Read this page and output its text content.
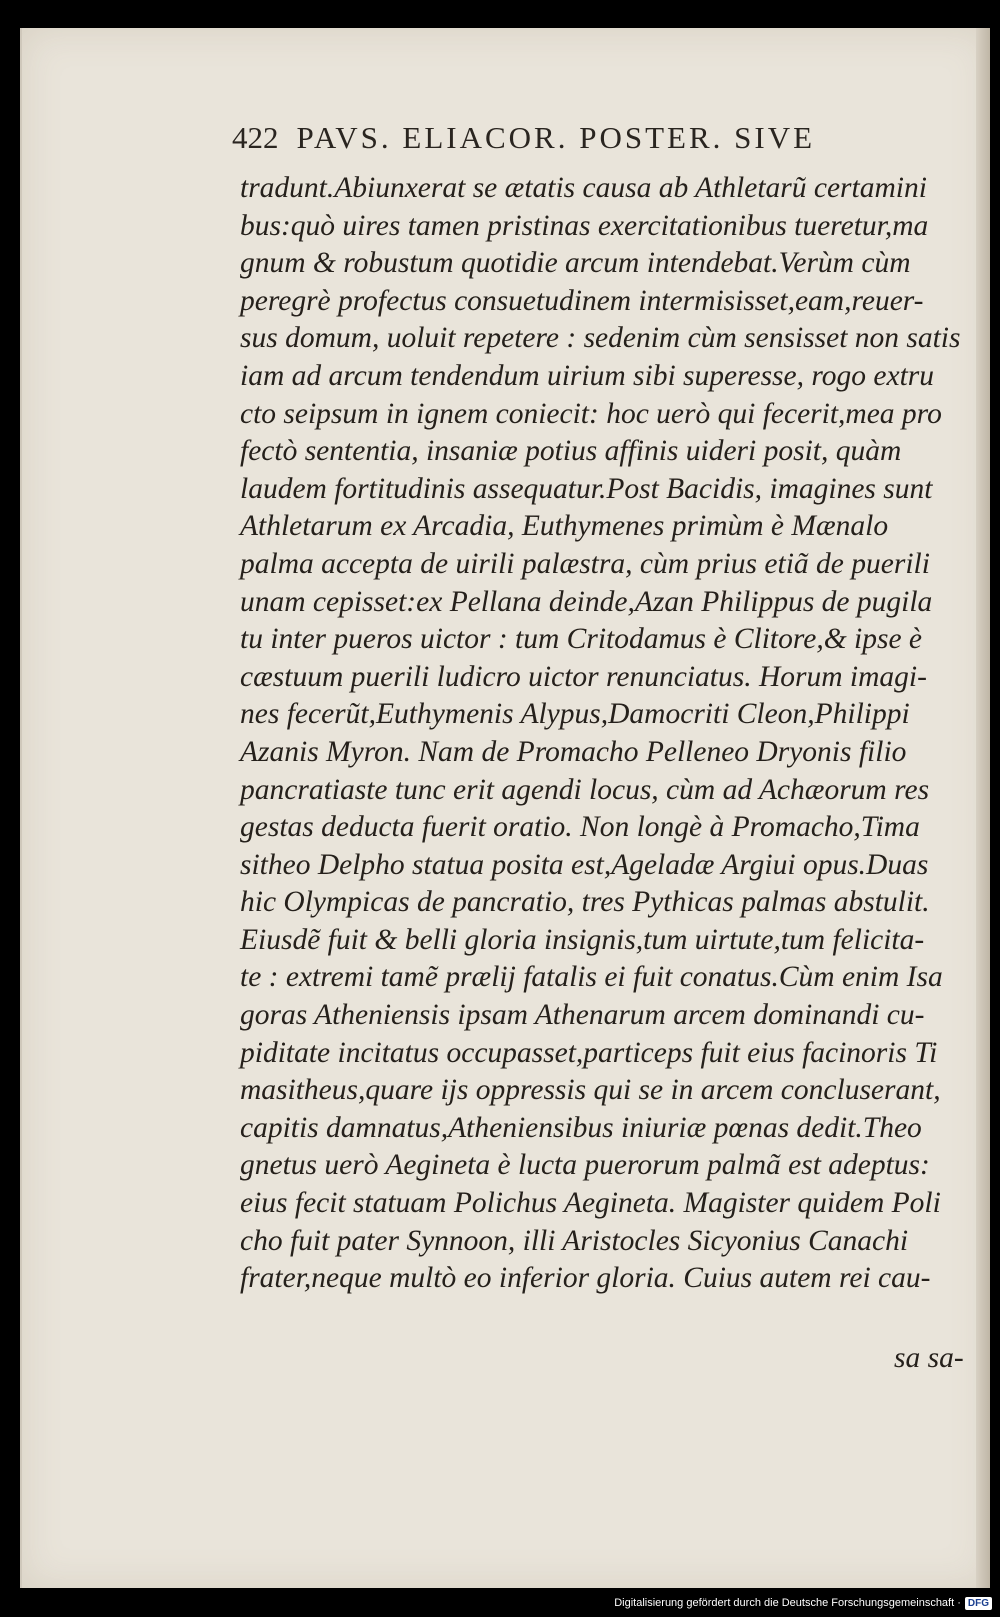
422 PAVS. ELIACOR. POSTER. SIVE
tradunt.Abiunxerat se ætatis causa ab Athletarũ certamini
bus:quò uires tamen pristinas exercitationibus tueretur,ma
gnum & robustum quotidie arcum intendebat.Verùm cùm
peregrè profectus consuetudinem intermisisset,eam,reuer-
sus domum, uoluit repetere : sedenim cùm sensisset non satis
iam ad arcum tendendum uirium sibi superesse, rogo extru
cto seipsum in ignem coniecit: hoc uerò qui fecerit,mea pro
fectò sententia, insaniæ potius affinis uideri posit, quàm
laudem fortitudinis assequatur.Post Bacidis, imagines sunt
Athletarum ex Arcadia, Euthymenes primùm è Mænalo
palma accepta de uirili palæstra, cùm prius etiã de puerili
unam cepisset:ex Pellana deinde,Azan Philippus de pugila
tu inter pueros uictor : tum Critodamus è Clitore,& ipse è
cæstuum puerili ludicro uictor renunciatus. Horum imagi-
nes fecerũt,Euthymenis Alypus,Damocriti Cleon,Philippi
Azanis Myron. Nam de Promacho Pelleneo Dryonis filio
pancratiaste tunc erit agendi locus, cùm ad Achæorum res
gestas deducta fuerit oratio. Non longè à Promacho,Tima
sitheo Delpho statua posita est,Ageladæ Argiui opus.Duas
hic Olympicas de pancratio, tres Pythicas palmas abstulit.
Eiusdẽ fuit & belli gloria insignis,tum uirtute,tum felicita-
te : extremi tamẽ prælij fatalis ei fuit conatus.Cùm enim Isa
goras Atheniensis ipsam Athenarum arcem dominandi cu-
piditate incitatus occupasset,particeps fuit eius facinoris Ti
masitheus,quare ijs oppressis qui se in arcem concluserant,
capitis damnatus,Atheniensibus iniuriæ pœnas dedit.Theo
gnetus uerò Aegineta è lucta puerorum palmã est adeptus:
eius fecit statuam Polichus Aegineta. Magister quidem Poli
cho fuit pater Synnoon, illi Aristocles Sicyonius Canachi
frater,neque multò eo inferior gloria. Cuius autem rei cau-
sa sa-
Digitalisierung gefördert durch die Deutsche Forschungsgemeinschaft · DFG
